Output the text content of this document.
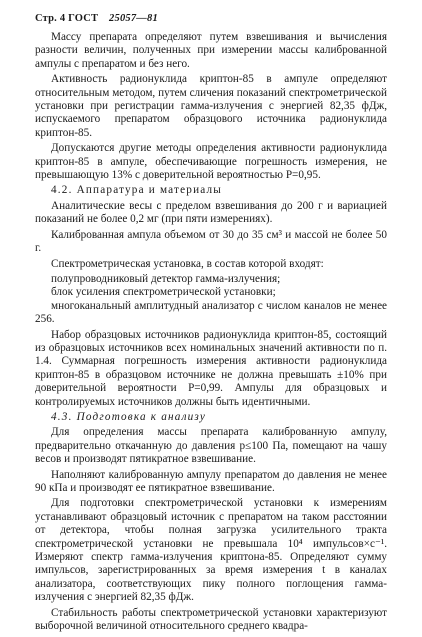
Стр. 4 ГОСТ 25057—81

Массу препарата определяют путем взвешивания и вычисления разности величин, полученных при измерении массы калиброванной ампулы с препаратом и без него.

Активность радионуклида криптон-85 в ампуле определяют относительным методом, путем сличения показаний спектрометрической установки при регистрации гамма-излучения с энергией 82,35 фДж, испускаемого препаратом образцового источника радионуклида криптон-85.

Допускаются другие методы определения активности радионуклида криптон-85 в ампуле, обеспечивающие погрешность измерения, не превышающую 13% с доверительной вероятностью P=0,95.

4.2. Аппаратура и материалы

Аналитические весы с пределом взвешивания до 200 г и вариацией показаний не более 0,2 мг (при пяти измерениях).

Калиброванная ампула объемом от 30 до 35 см³ и массой не более 50 г.

Спектрометрическая установка, в состав которой входят:

полупроводниковый детектор гамма-излучения;
блок усиления спектрометрической установки;

многоканальный амплитудный анализатор с числом каналов не менее 256.

Набор образцовых источников радионуклида криптон-85, состоящий из образцовых источников всех номинальных значений активности по п. 1.4. Суммарная погрешность измерения активности радионуклида криптон-85 в образцовом источнике не должна превышать ±10% при доверительной вероятности P=0,99. Ампулы для образцовых и контролируемых источников должны быть идентичными.

4.3. Подготовка к анализу

Для определения массы препарата калиброванную ампулу, предварительно откачанную до давления p≤100 Па, помещают на чашу весов и производят пятикратное взвешивание.

Наполняют калиброванную ампулу препаратом до давления не менее 90 кПа и производят ее пятикратное взвешивание.

Для подготовки спектрометрической установки к измерениям устанавливают образцовый источник с препаратом на таком расстоянии от детектора, чтобы полная загрузка усилительного тракта спектрометрической установки не превышала 10⁴ импульсов×с⁻¹. Измеряют спектр гамма-излучения криптона-85. Определяют сумму импульсов, зарегистрированных за время измерения t в каналах анализатора, соответствующих пику полного поглощения гамма-излучения с энергией 82,35 фДж.

Стабильность работы спектрометрической установки характеризуют выборочной величиной относительного среднего квадра-
